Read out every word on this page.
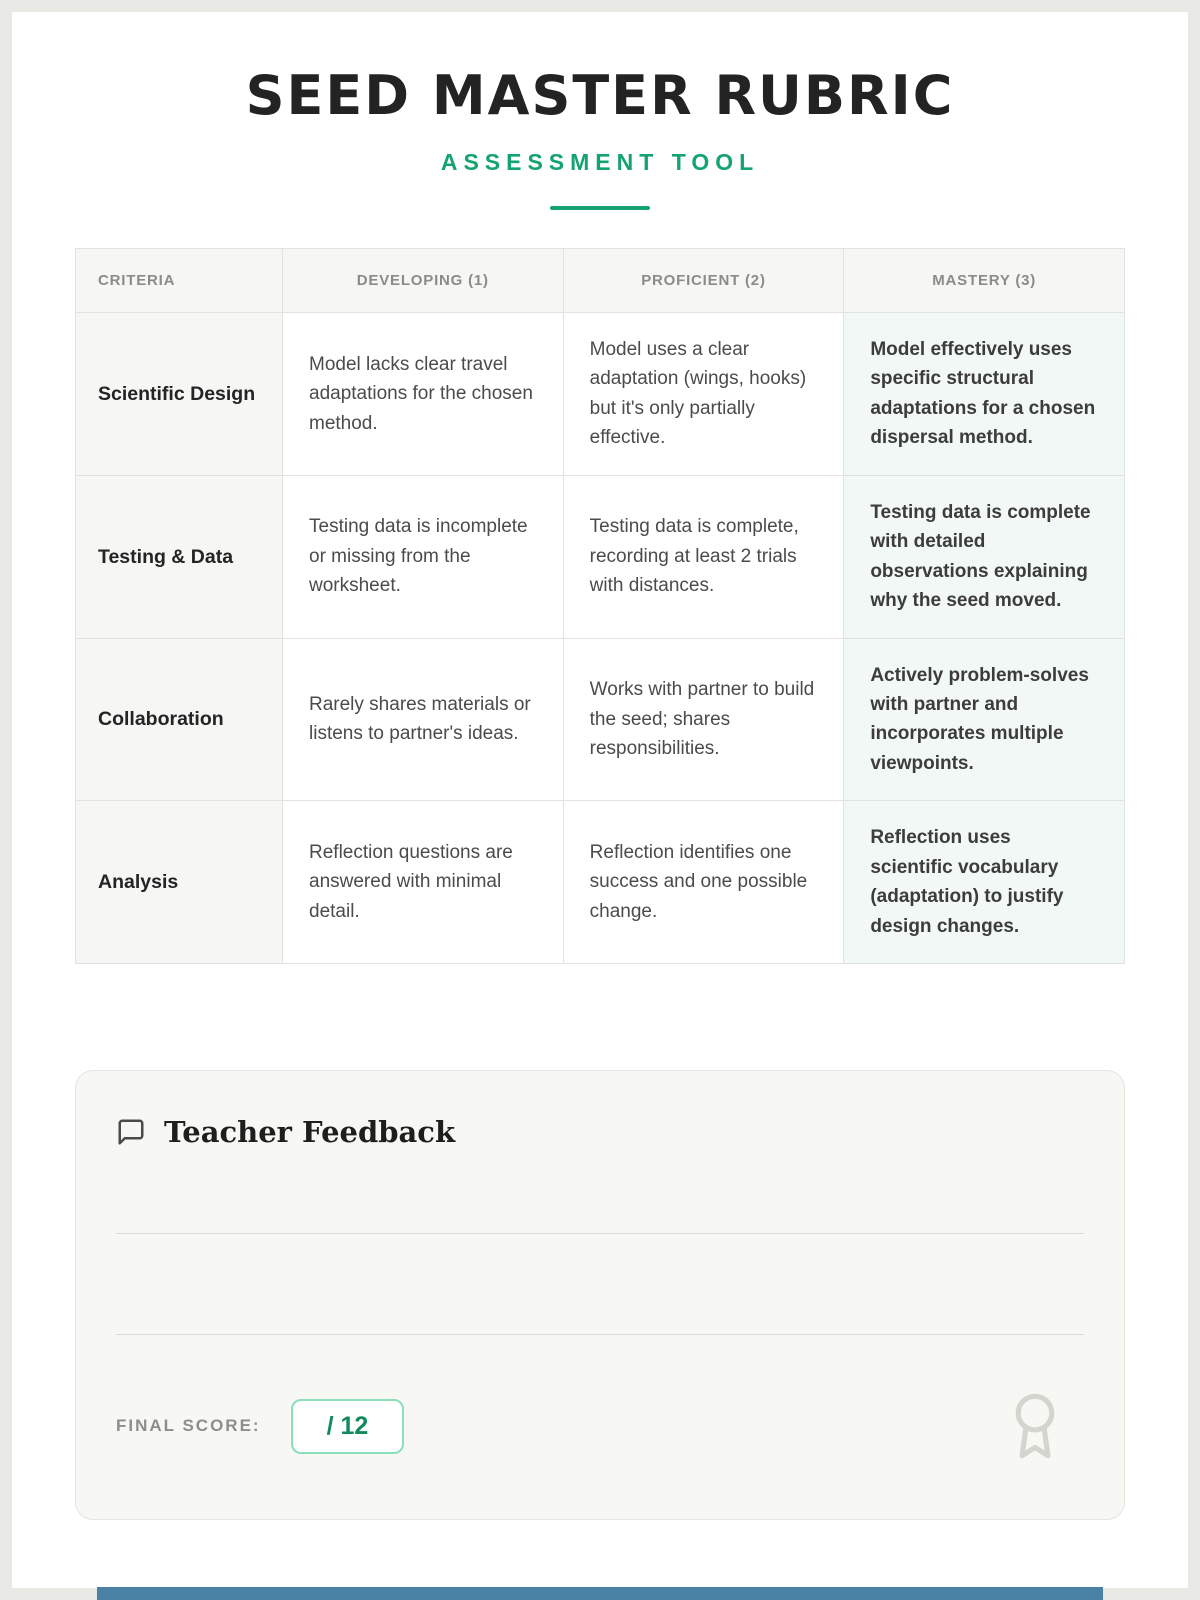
SEED MASTER RUBRIC
ASSESSMENT TOOL
CRITERIA	DEVELOPING (1)	PROFICIENT (2)	MASTERY (3)
Scientific Design	Model lacks clear travel adaptations for the chosen method.	Model uses a clear adaptation (wings, hooks) but it's only partially effective.	Model effectively uses specific structural adaptations for a chosen dispersal method.
Testing & Data	Testing data is incomplete or missing from the worksheet.	Testing data is complete, recording at least 2 trials with distances.	Testing data is complete with detailed observations explaining why the seed moved.
Collaboration	Rarely shares materials or listens to partner's ideas.	Works with partner to build the seed; shares responsibilities.	Actively problem-solves with partner and incorporates multiple viewpoints.
Analysis	Reflection questions are answered with minimal detail.	Reflection identifies one success and one possible change.	Reflection uses scientific vocabulary (adaptation) to justify design changes.
Teacher Feedback
FINAL SCORE:	/ 12
